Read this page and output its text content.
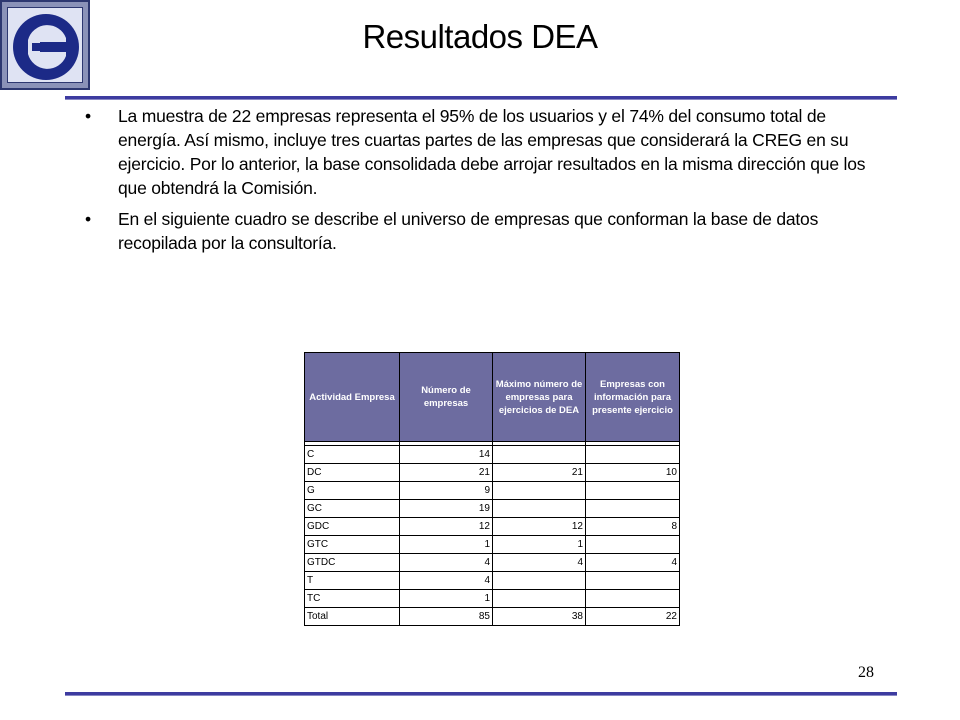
Resultados DEA
• La muestra de 22 empresas representa el 95% de los usuarios y el 74% del consumo total de energía. Así mismo, incluye tres cuartas partes de las empresas que considerará la CREG en su ejercicio. Por lo anterior, la base consolidada debe arrojar resultados en la misma dirección que los que obtendrá la Comisión.
• En el siguiente cuadro se describe el universo de empresas que conforman la base de datos recopilada por la consultoría.
Actividad Empresa	Número de empresas	Máximo número de empresas para ejercicios de DEA	Empresas con información para presente ejercicio

C	14		
DC	21	21	10
G	9		
GC	19		
GDC	12	12	8
GTC	1	1	
GTDC	4	4	4
T	4		
TC	1		
Total	85	38	22
28
